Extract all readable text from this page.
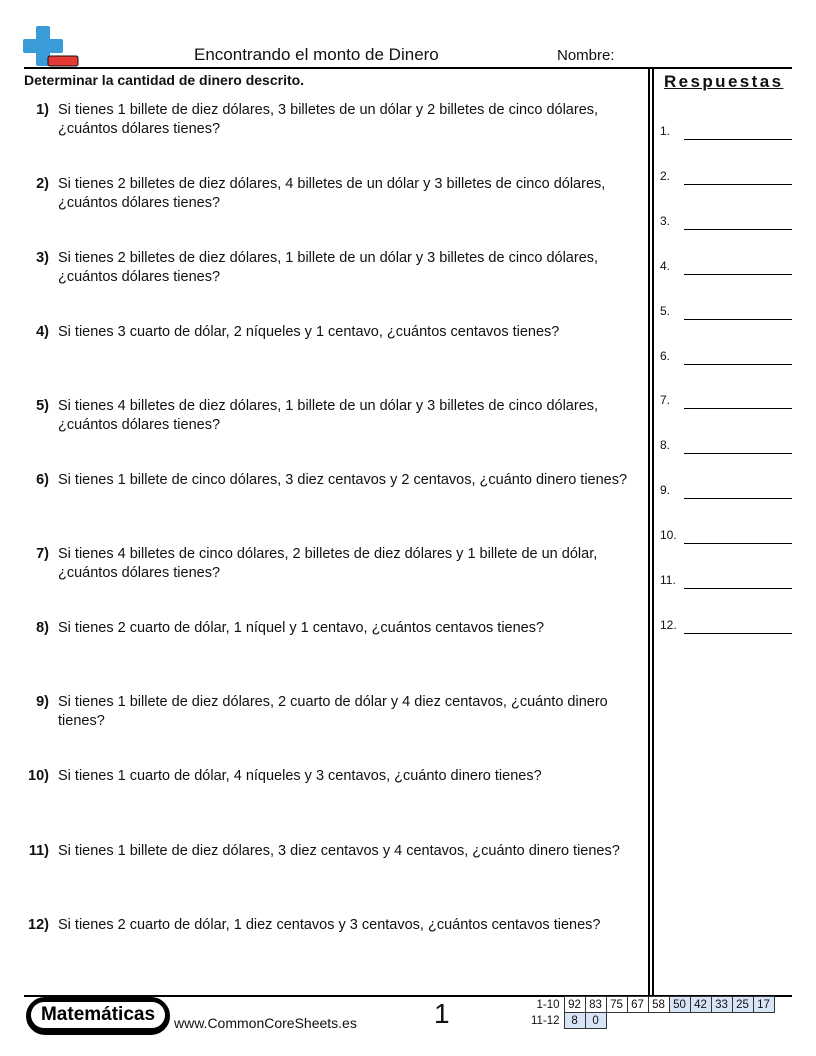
Encontrando el monto de Dinero	Nombre:
Determinar la cantidad de dinero descrito.
1) Si tienes 1 billete de diez dólares, 3 billetes de un dólar y 2 billetes de cinco dólares, ¿cuántos dólares tienes?
2) Si tienes 2 billetes de diez dólares, 4 billetes de un dólar y 3 billetes de cinco dólares, ¿cuántos dólares tienes?
3) Si tienes 2 billetes de diez dólares, 1 billete de un dólar y 3 billetes de cinco dólares, ¿cuántos dólares tienes?
4) Si tienes 3 cuarto de dólar, 2 níqueles y 1 centavo, ¿cuántos centavos tienes?
5) Si tienes 4 billetes de diez dólares, 1 billete de un dólar y 3 billetes de cinco dólares, ¿cuántos dólares tienes?
6) Si tienes 1 billete de cinco dólares, 3 diez centavos y 2 centavos, ¿cuánto dinero tienes?
7) Si tienes 4 billetes de cinco dólares, 2 billetes de diez dólares y 1 billete de un dólar, ¿cuántos dólares tienes?
8) Si tienes 2 cuarto de dólar, 1 níquel y 1 centavo, ¿cuántos centavos tienes?
9) Si tienes 1 billete de diez dólares, 2 cuarto de dólar y 4 diez centavos, ¿cuánto dinero tienes?
10) Si tienes 1 cuarto de dólar, 4 níqueles y 3 centavos, ¿cuánto dinero tienes?
11) Si tienes 1 billete de diez dólares, 3 diez centavos y 4 centavos, ¿cuánto dinero tienes?
12) Si tienes 2 cuarto de dólar, 1 diez centavos y 3 centavos, ¿cuántos centavos tienes?
Respuestas
1.
2.
3.
4.
5.
6.
7.
8.
9.
10.
11.
12.
Matemáticas	www.CommonCoreSheets.es	1	1-10	92	83	75	67	58	50	42	33	25	17
11-12	8	0								
